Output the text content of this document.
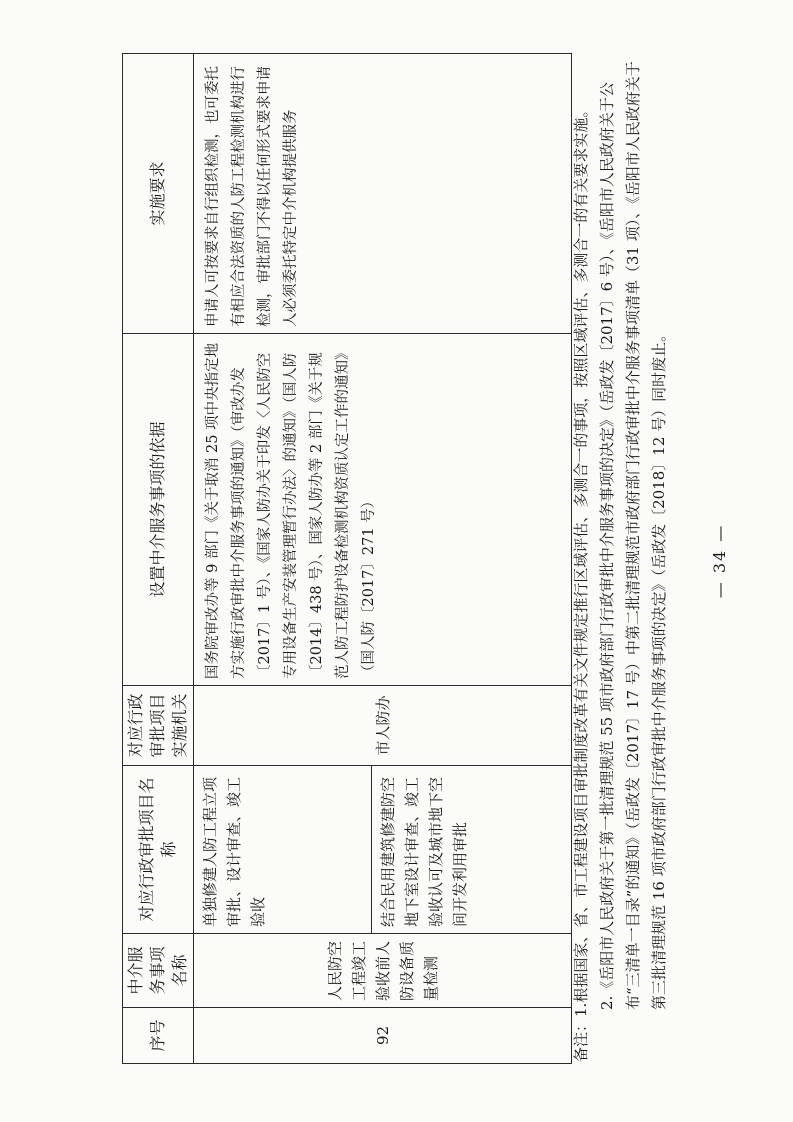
序号	中介服务事项名称	对应行政审批项目名称	对应行政审批项目实施机关	设置中介服务事项的依据	实施要求
92	人民防空工程竣工验收前人防设备质量检测	单独修建人防工程立项审批、设计审查、竣工验收	市人防办	国务院审改办等 9 部门《关于取消 25 项中央指定地方实施行政审批中介服务事项的通知》（审改办发〔2017〕1 号）、《国家人防办关于印发〈人民防空专用设备生产安装管理暂行办法〉的通知》（国人防〔2014〕438 号）、国家人防办等 2 部门《关于规范人防工程防护设备检测机构资质认定工作的通知》（国人防〔2017〕271 号）	申请人可按要求自行组织检测，也可委托有相应合法资质的人防工程检测机构进行检测，审批部门不得以任何形式要求申请人必须委托特定中介机构提供服务
		结合民用建筑修建防空地下室设计审查、竣工验收认可及城市地下空间开发利用审批			

备注：1.根据国家、省、市工程建设项目审批制度改革有关文件规定推行区域评估、多测合一的事项，按照区域评估、多测合一的有关要求实施。 2.《岳阳市人民政府关于第一批清理规范 55 项市政府部门行政审批中介服务事项的决定》（岳政发〔2017〕6 号）、《岳阳市人民政府关于公布“三清单一目录”的通知》（岳政发〔2017〕17 号）中第二批清理规范市政府部门行政审批中介服务事项清单（31 项）、《岳阳市人民政府关于第三批清理规范 16 项市政府部门行政审批中介服务事项的决定》（岳政发〔2018〕12 号）同时废止。	— 34 —
